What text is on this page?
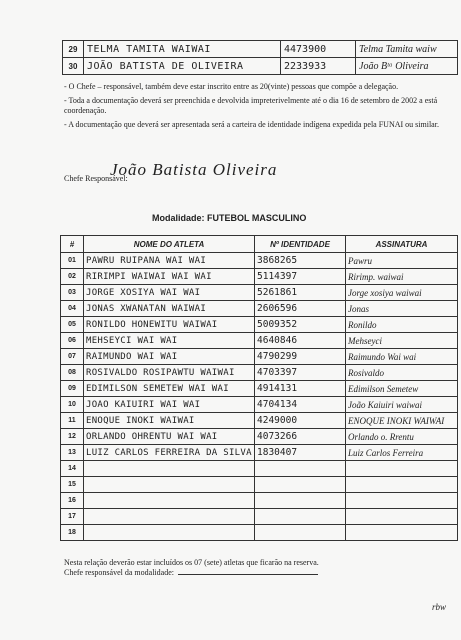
29	TELMA TAMITA WAIWAI	4473900	Telma Tamita waiw
30	JOÃO BATISTA DE OLIVEIRA	2233933	João Bᵗᵃ Oliveira

- O Chefe – responsável, também deve estar inscrito entre as 20(vinte) pessoas que compõe a delegação.

- Toda a documentação deverá ser preenchida e devolvida impreterivelmente até o dia 16 de setembro de 2002 a está coordenação.

- A documentação que deverá ser apresentada será a carteira de identidade indígena expedida pela FUNAI ou similar.

Chefe Responsável:
João Batista Oliveira
Modalidade: FUTEBOL MASCULINO
#	NOME DO ATLETA	Nº IDENTIDADE	ASSINATURA
01	PAWRU RUIPANA WAI WAI	3868265	Pawru
02	RIRIMPI WAIWAI WAI WAI	5114397	Ririmp. waiwai
03	JORGE XOSIYA WAI WAI	5261861	Jorge xosiya waiwai
04	JONAS XWANATAN WAIWAI	2606596	Jonas
05	RONILDO HONEWITU WAIWAI	5009352	Ronildo
06	MEHSEYCI WAI WAI	4640846	Mehseyci
07	RAIMUNDO WAI WAI	4790299	Raimundo Wai wai
08	ROSIVALDO ROSIPAWTU WAIWAI	4703397	Rosivaldo
09	EDIMILSON SEMETEW WAI WAI	4914131	Edimilson Semetew
10	JOAO KAIUIRI WAI WAI	4704134	João Kaiuiri waiwai
11	ENOQUE INOKI WAIWAI	4249000	ENOQUE INOKI WAIWAI
12	ORLANDO OHRENTU WAI WAI	4073266	Orlando o. Rrentu
13	LUIZ CARLOS FERREIRA DA SILVA	1830407	Luiz Carlos Ferreira
14			
15			
16			
17			
18			
Nesta relação deverão estar incluídos os 07 (sete) atletas que ficarão na reserva.
Chefe responsável da modalidade:
rbw
